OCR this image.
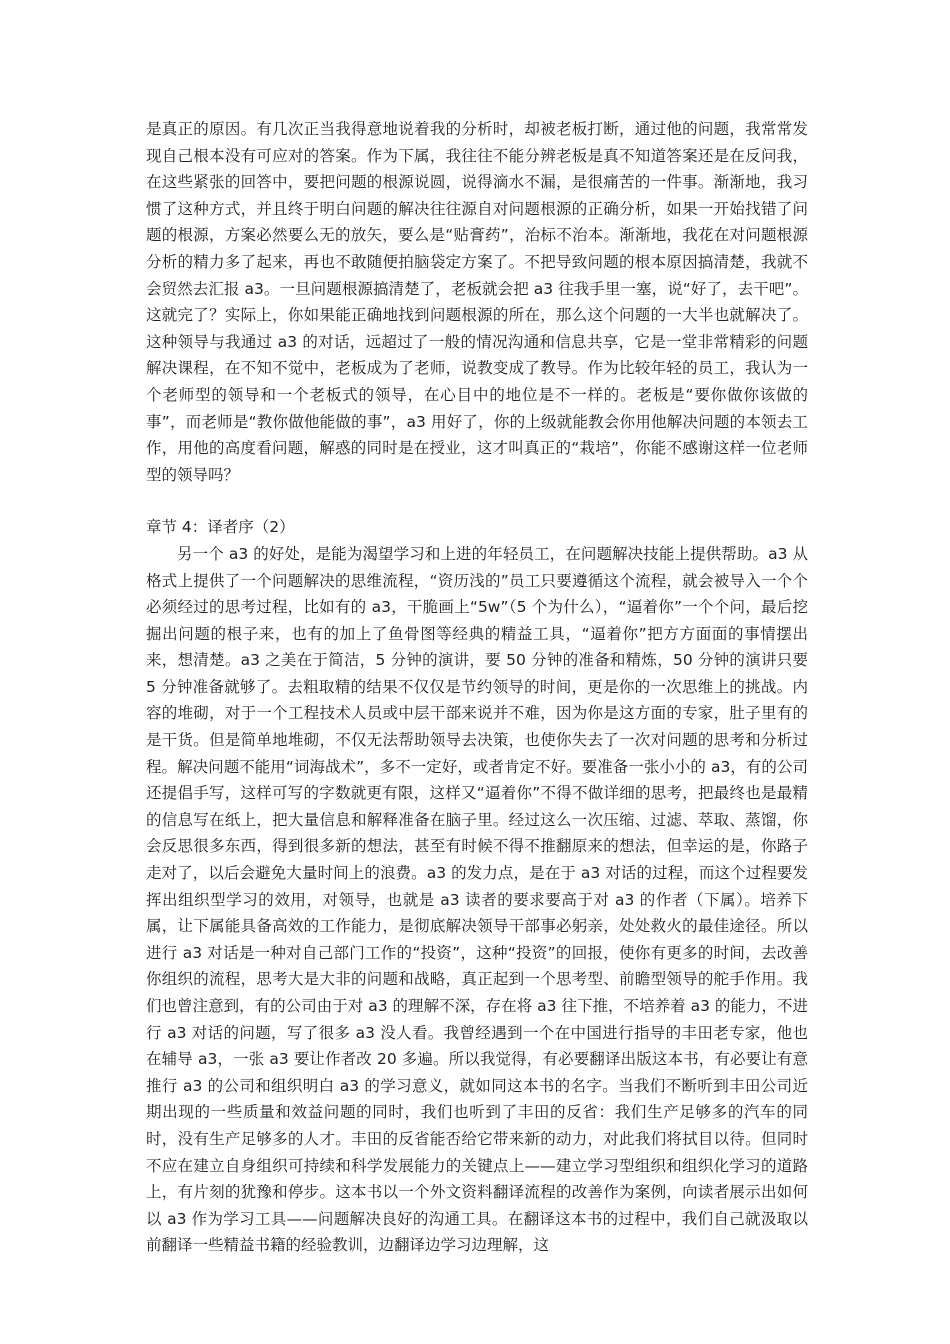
是真正的原因。有几次正当我得意地说着我的分析时，却被老板打断，通过他的问题，我常常发现自己根本没有可应对的答案。作为下属，我往往不能分辨老板是真不知道答案还是在反问我，在这些紧张的回答中，要把问题的根源说圆，说得滴水不漏，是很痛苦的一件事。渐渐地，我习惯了这种方式，并且终于明白问题的解决往往源自对问题根源的正确分析，如果一开始找错了问题的根源，方案必然要么无的放矢，要么是“贴膏药”，治标不治本。渐渐地，我花在对问题根源分析的精力多了起来，再也不敢随便拍脑袋定方案了。不把导致问题的根本原因搞清楚，我就不会贸然去汇报 a3。一旦问题根源搞清楚了，老板就会把 a3 往我手里一塞，说“好了，去干吧”。这就完了？实际上，你如果能正确地找到问题根源的所在，那么这个问题的一大半也就解决了。这种领导与我通过 a3 的对话，远超过了一般的情况沟通和信息共享，它是一堂非常精彩的问题解决课程，在不知不觉中，老板成为了老师，说教变成了教导。作为比较年轻的员工，我认为一个老师型的领导和一个老板式的领导，在心目中的地位是不一样的。老板是“要你做你该做的事”，而老师是“教你做他能做的事”，a3 用好了，你的上级就能教会你用他解决问题的本领去工作，用他的高度看问题，解惑的同时是在授业，这才叫真正的“栽培”，你能不感谢这样一位老师型的领导吗？

章节 4：译者序（2）

另一个 a3 的好处，是能为渴望学习和上进的年轻员工，在问题解决技能上提供帮助。a3 从格式上提供了一个问题解决的思维流程，“资历浅的”员工只要遵循这个流程，就会被导入一个个必须经过的思考过程，比如有的 a3，干脆画上“5w”（5 个为什么），“逼着你”一个个问，最后挖掘出问题的根子来，也有的加上了鱼骨图等经典的精益工具，“逼着你”把方方面面的事情摆出来，想清楚。a3 之美在于简洁，5 分钟的演讲，要 50 分钟的准备和精炼，50 分钟的演讲只要 5 分钟准备就够了。去粗取精的结果不仅仅是节约领导的时间，更是你的一次思维上的挑战。内容的堆砌，对于一个工程技术人员或中层干部来说并不难，因为你是这方面的专家，肚子里有的是干货。但是简单地堆砌，不仅无法帮助领导去决策，也使你失去了一次对问题的思考和分析过程。解决问题不能用“词海战术”，多不一定好，或者肯定不好。要准备一张小小的 a3，有的公司还提倡手写，这样可写的字数就更有限，这样又“逼着你”不得不做详细的思考，把最终也是最精的信息写在纸上，把大量信息和解释准备在脑子里。经过这么一次压缩、过滤、萃取、蒸馏，你会反思很多东西，得到很多新的想法，甚至有时候不得不推翻原来的想法，但幸运的是，你路子走对了，以后会避免大量时间上的浪费。a3 的发力点，是在于 a3 对话的过程，而这个过程要发挥出组织型学习的效用，对领导，也就是 a3 读者的要求要高于对 a3 的作者（下属）。培养下属，让下属能具备高效的工作能力，是彻底解决领导干部事必躬亲，处处救火的最佳途径。所以进行 a3 对话是一种对自己部门工作的“投资”，这种“投资”的回报，使你有更多的时间，去改善你组织的流程，思考大是大非的问题和战略，真正起到一个思考型、前瞻型领导的舵手作用。我们也曾注意到，有的公司由于对 a3 的理解不深，存在将 a3 往下推，不培养着 a3 的能力，不进行 a3 对话的问题，写了很多 a3 没人看。我曾经遇到一个在中国进行指导的丰田老专家，他也在辅导 a3，一张 a3 要让作者改 20 多遍。所以我觉得，有必要翻译出版这本书，有必要让有意推行 a3 的公司和组织明白 a3 的学习意义，就如同这本书的名字。当我们不断听到丰田公司近期出现的一些质量和效益问题的同时，我们也听到了丰田的反省：我们生产足够多的汽车的同时，没有生产足够多的人才。丰田的反省能否给它带来新的动力，对此我们将拭目以待。但同时不应在建立自身组织可持续和科学发展能力的关键点上——建立学习型组织和组织化学习的道路上，有片刻的犹豫和停步。这本书以一个外文资料翻译流程的改善作为案例，向读者展示出如何以 a3 作为学习工具——问题解决良好的沟通工具。在翻译这本书的过程中，我们自己就汲取以前翻译一些精益书籍的经验教训，边翻译边学习边理解，这
